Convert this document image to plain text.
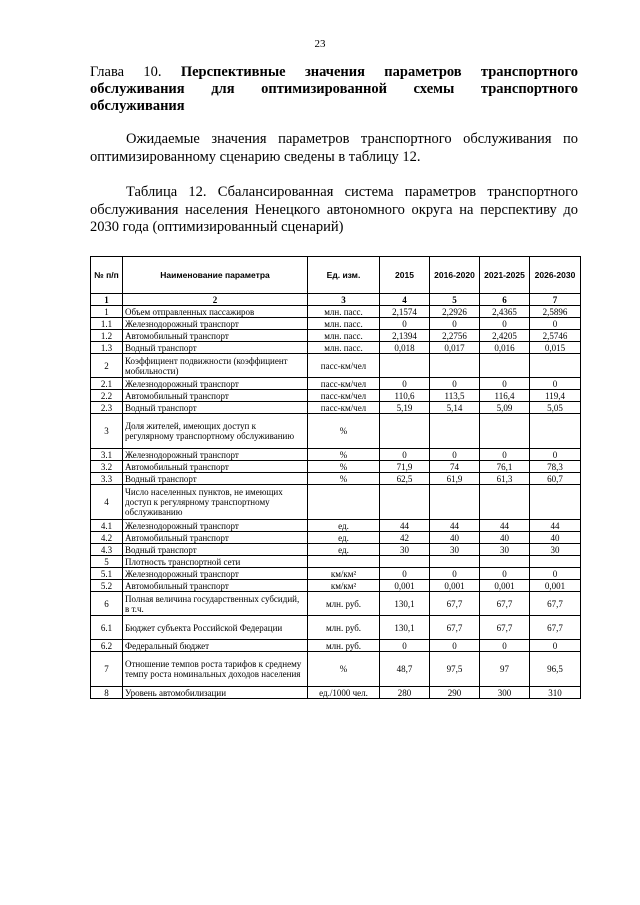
23
Глава 10. Перспективные значения параметров транспортного
обслуживания для оптимизированной схемы транспортного
обслуживания
Ожидаемые значения параметров транспортного обслуживания по оптимизированному сценарию сведены в таблицу 12.
Таблица 12. Сбалансированная система параметров транспортного обслуживания населения Ненецкого автономного округа на перспективу до 2030 года (оптимизированный сценарий)
№ п/п	Наименование параметра	Ед. изм.	2015	2016-2020	2021-2025	2026-2030
1	2	3	4	5	6	7
1	Объем отправленных пассажиров	млн. пасс.	2,1574	2,2926	2,4365	2,5896
1.1	Железнодорожный транспорт	млн. пасс.	0	0	0	0
1.2	Автомобильный транспорт	млн. пасс.	2,1394	2,2756	2,4205	2,5746
1.3	Водный транспорт	млн. пасс.	0,018	0,017	0,016	0,015
2	Коэффициент подвижности (коэффициент мобильности)	пасс-км/чел				
2.1	Железнодорожный транспорт	пасс-км/чел	0	0	0	0
2.2	Автомобильный транспорт	пасс-км/чел	110,6	113,5	116,4	119,4
2.3	Водный транспорт	пасс-км/чел	5,19	5,14	5,09	5,05
3	Доля жителей, имеющих доступ к регулярному транспортному обслуживанию	%				
3.1	Железнодорожный транспорт	%	0	0	0	0
3.2	Автомобильный транспорт	%	71,9	74	76,1	78,3
3.3	Водный транспорт	%	62,5	61,9	61,3	60,7
4	Число населенных пунктов, не имеющих доступ к регулярному транспортному обслуживанию					
4.1	Железнодорожный транспорт	ед.	44	44	44	44
4.2	Автомобильный транспорт	ед.	42	40	40	40
4.3	Водный транспорт	ед.	30	30	30	30
5	Плотность транспортной сети					
5.1	Железнодорожный транспорт	км/км²	0	0	0	0
5.2	Автомобильный транспорт	км/км²	0,001	0,001	0,001	0,001
6	Полная величина государственных субсидий, в т.ч.	млн. руб.	130,1	67,7	67,7	67,7
6.1	Бюджет субъекта Российской Федерации	млн. руб.	130,1	67,7	67,7	67,7
6.2	Федеральный бюджет	млн. руб.	0	0	0	0
7	Отношение темпов роста тарифов к среднему темпу роста номинальных доходов населения	%	48,7	97,5	97	96,5
8	Уровень автомобилизации	ед./1000 чел.	280	290	300	310
